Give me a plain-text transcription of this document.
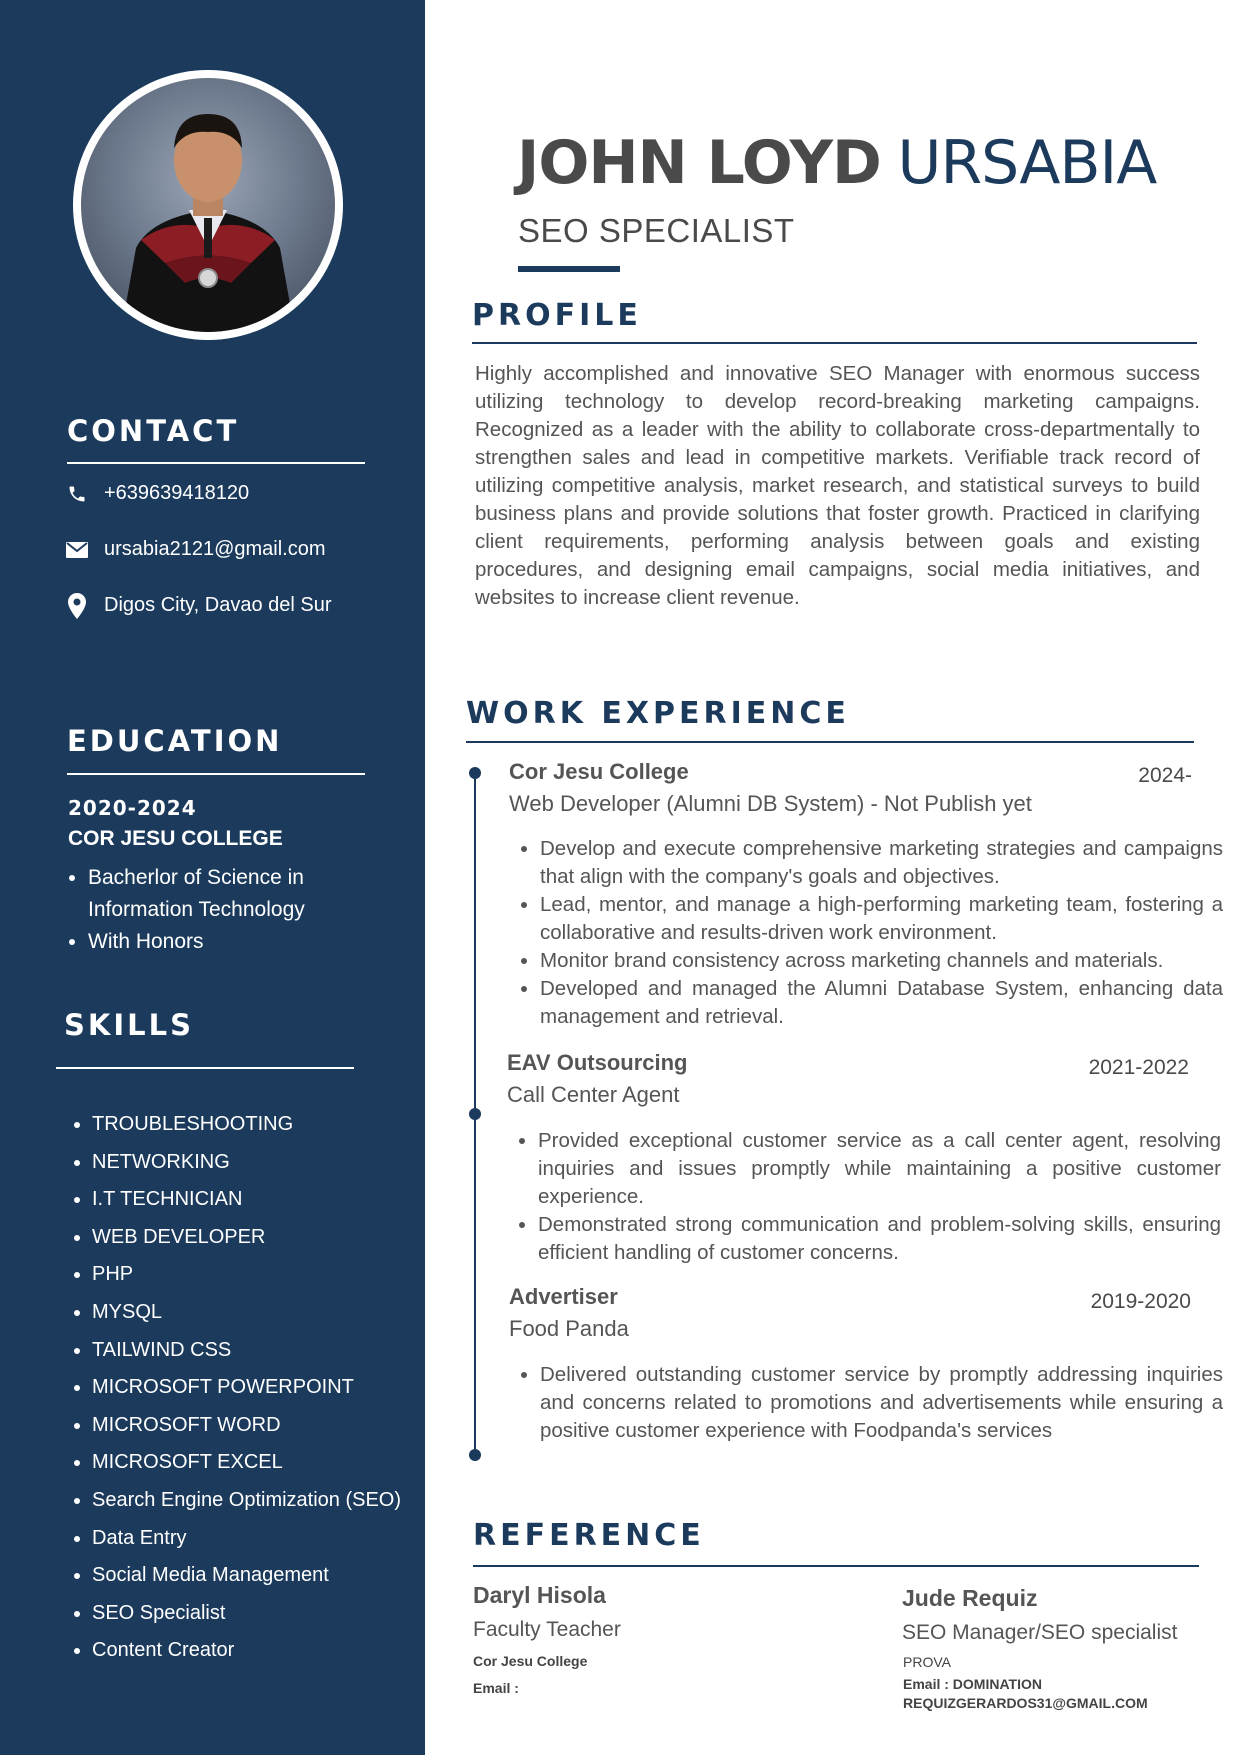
CONTACT
+639639418120
ursabia2121@gmail.com
Digos City, Davao del Sur
EDUCATION
2020-2024
COR JESU COLLEGE
• Bacherlor of Science in Information Technology
• With Honors
SKILLS
• TROUBLESHOOTING
• NETWORKING
• I.T TECHNICIAN
• WEB DEVELOPER
• PHP
• MYSQL
• TAILWIND CSS
• MICROSOFT POWERPOINT
• MICROSOFT WORD
• MICROSOFT EXCEL
• Search Engine Optimization (SEO)
• Data Entry
• Social Media Management
• SEO Specialist
• Content Creator
JOHN LOYD URSABIA
SEO SPECIALIST
PROFILE

Highly accomplished and innovative SEO Manager with enormous success utilizing technology to develop record-breaking marketing campaigns. Recognized as a leader with the ability to collaborate cross-departmentally to strengthen sales and lead in competitive markets. Verifiable track record of utilizing competitive analysis, market research, and statistical surveys to build business plans and provide solutions that foster growth. Practiced in clarifying client requirements, performing analysis between goals and existing procedures, and designing email campaigns, social media initiatives, and websites to increase client revenue.

WORK EXPERIENCE
Cor Jesu College	2024-
Web Developer (Alumni DB System) - Not Publish yet
• Develop and execute comprehensive marketing strategies and campaigns that align with the company's goals and objectives.
• Lead, mentor, and manage a high-performing marketing team, fostering a collaborative and results-driven work environment.
• Monitor brand consistency across marketing channels and materials.
• Developed and managed the Alumni Database System, enhancing data management and retrieval.
EAV Outsourcing	2021-2022
Call Center Agent
• Provided exceptional customer service as a call center agent, resolving inquiries and issues promptly while maintaining a positive customer experience.
• Demonstrated strong communication and problem-solving skills, ensuring efficient handling of customer concerns.
Advertiser	2019-2020
Food Panda
• Delivered outstanding customer service by promptly addressing inquiries and concerns related to promotions and advertisements while ensuring a positive customer experience with Foodpanda's services
REFERENCE
Daryl Hisola
Faculty Teacher
Cor Jesu College
Email :
Jude Requiz
SEO Manager/SEO specialist
PROVA
Email : DOMINATION REQUIZGERARDOS31@GMAIL.COM
